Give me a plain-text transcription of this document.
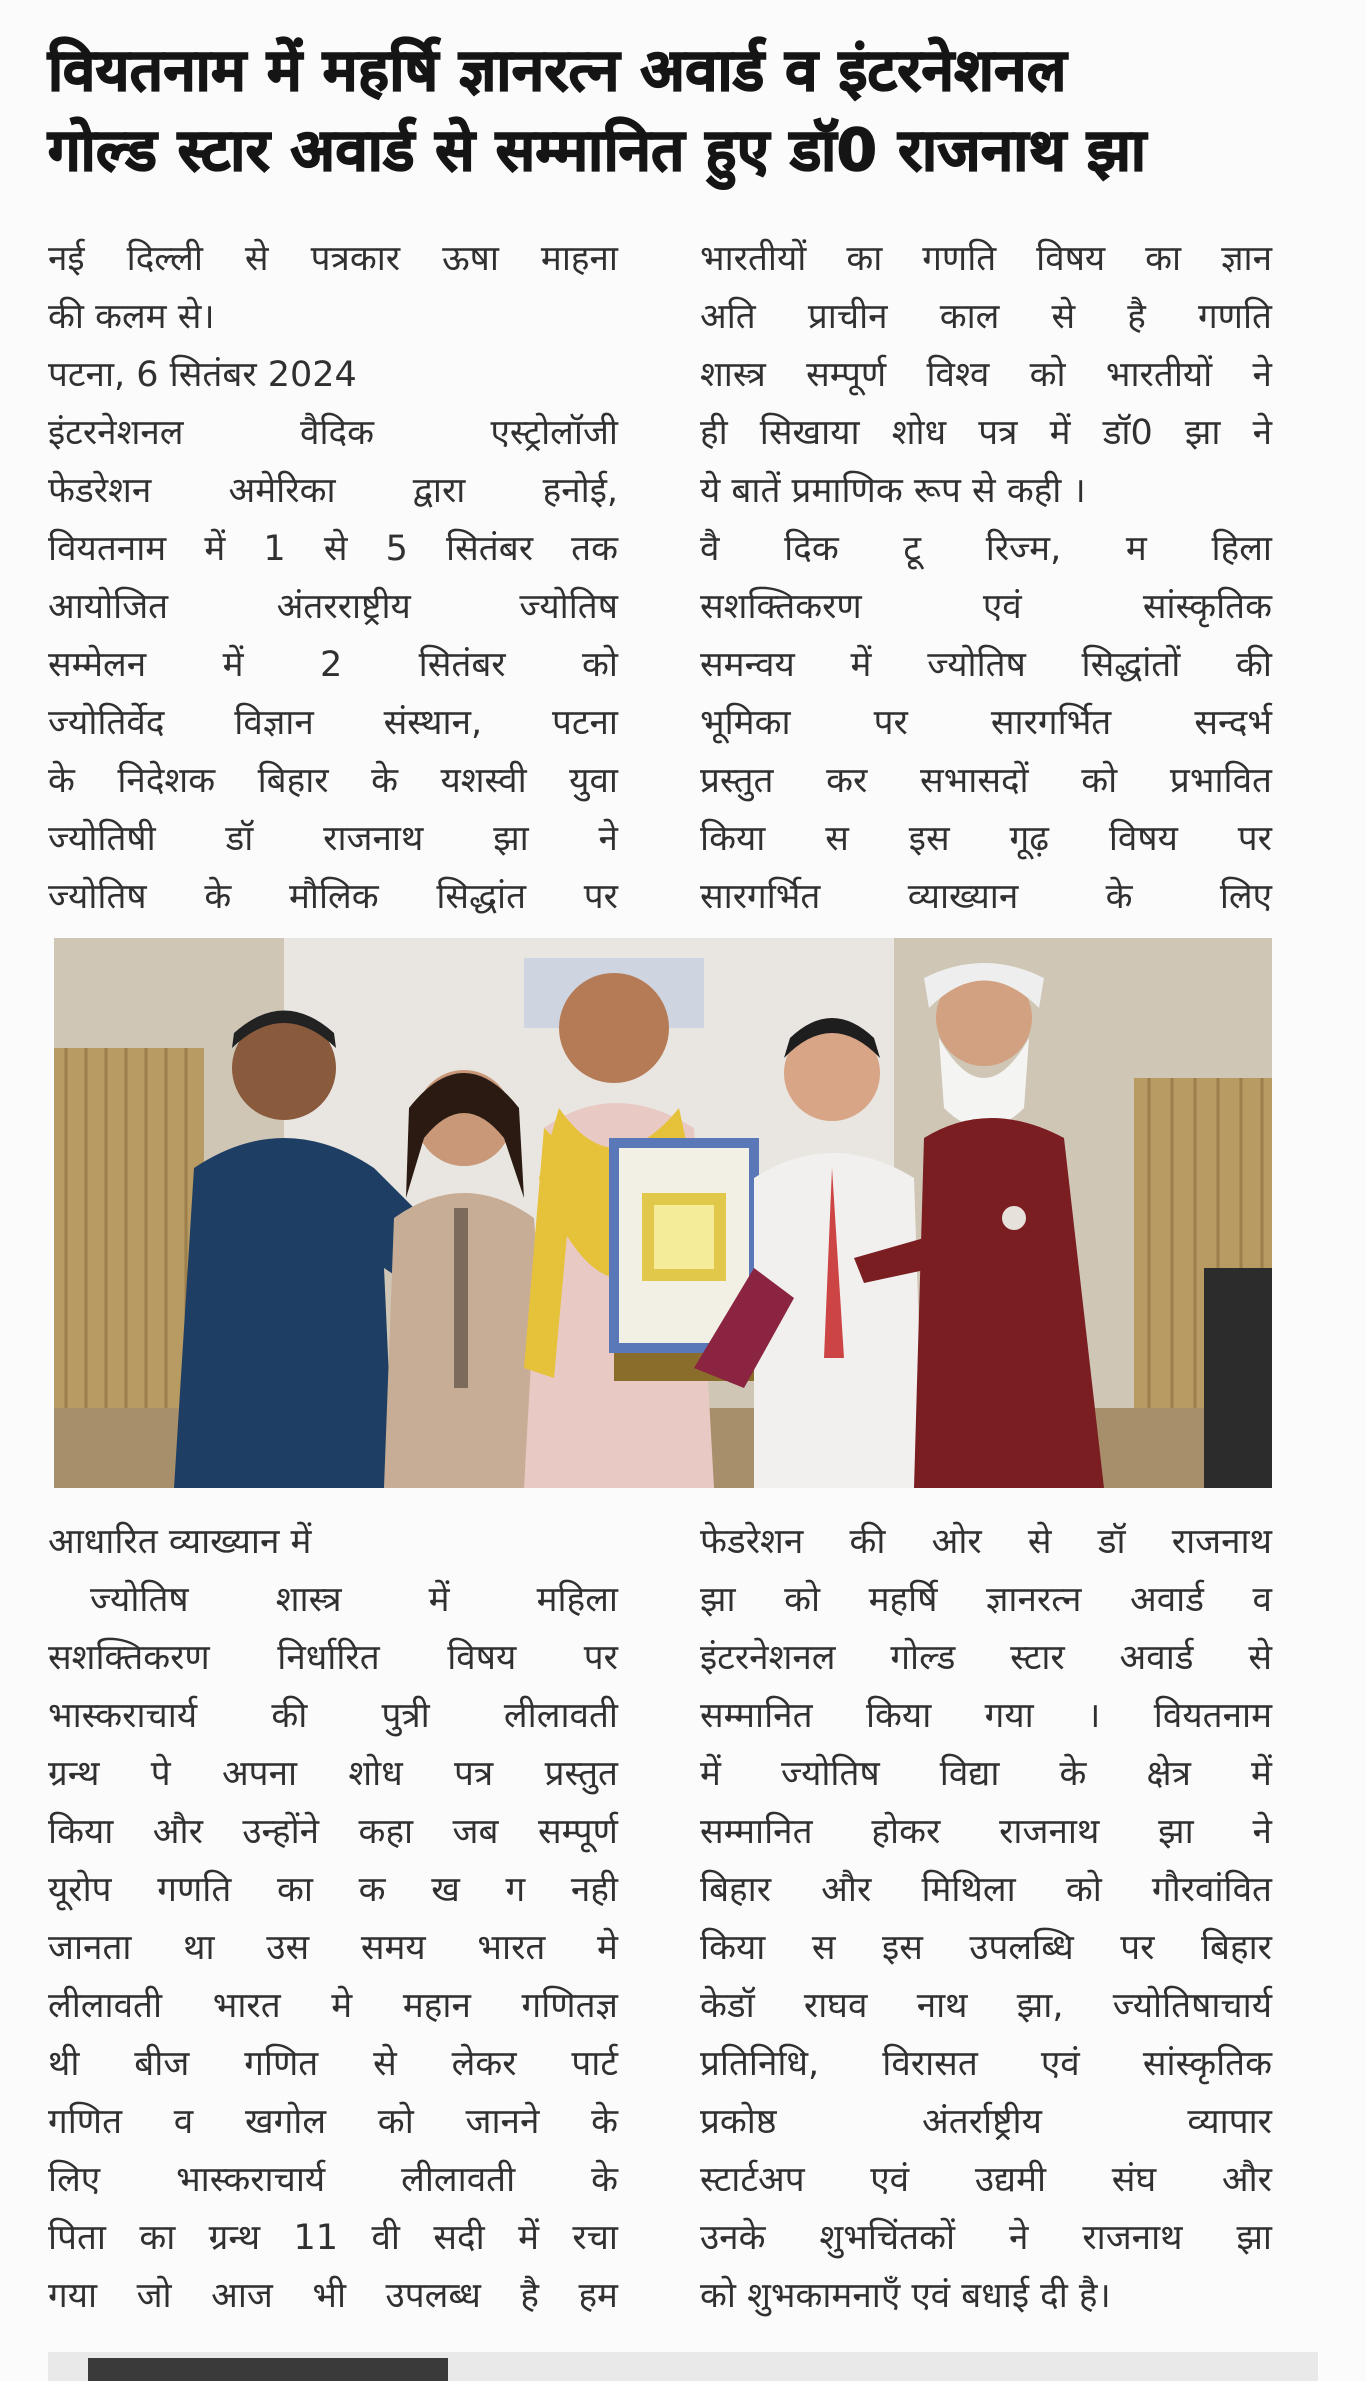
वियतनाम में महर्षि ज्ञानरत्न अवार्ड व इंटरनेशनल
गोल्ड स्टार अवार्ड से सम्मानित हुए डॉ0 राजनाथ झा
नई दिल्ली से पत्रकार ऊषा माहना
की कलम से।
पटना, 6 सितंबर 2024
इंटरनेशनल वैदिक एस्ट्रोलॉजी
फेडरेशन अमेरिका द्वारा हनोई,
वियतनाम में 1 से 5 सितंबर तक
आयोजित अंतरराष्ट्रीय ज्योतिष
सम्मेलन में 2 सितंबर को
ज्योतिर्वेद विज्ञान संस्थान, पटना
के निदेशक बिहार के यशस्वी युवा
ज्योतिषी डॉ राजनाथ झा ने
ज्योतिष के मौलिक सिद्धांत पर
भारतीयों का गणति विषय का ज्ञान
अति प्राचीन काल से है गणति
शास्त्र सम्पूर्ण विश्व को भारतीयों ने
ही सिखाया शोध पत्र में डॉ0 झा ने
ये बातें प्रमाणिक रूप से कही ।
वै दिक टू रिज्म, म हिला
सशक्तिकरण एवं सांस्कृतिक
समन्वय में ज्योतिष सिद्धांतों की
भूमिका पर सारगर्भित सन्दर्भ
प्रस्तुत कर सभासदों को प्रभावित
किया स इस गूढ़ विषय पर
सारगर्भित व्याख्यान के लिए
आधारित व्याख्यान में
ज्योतिष शास्त्र में महिला
सशक्तिकरण निर्धारित विषय पर
भास्कराचार्य की पुत्री लीलावती
ग्रन्थ पे अपना शोध पत्र प्रस्तुत
किया और उन्होंने कहा जब सम्पूर्ण
यूरोप गणति का क ख ग नही
जानता था उस समय भारत मे
लीलावती भारत मे महान गणितज्ञ
थी बीज गणित से लेकर पार्ट
गणित व खगोल को जानने के
लिए भास्कराचार्य लीलावती के
पिता का ग्रन्थ 11 वी सदी में रचा
गया जो आज भी उपलब्ध है हम
फेडरेशन की ओर से डॉ राजनाथ
झा को महर्षि ज्ञानरत्न अवार्ड व
इंटरनेशनल गोल्ड स्टार अवार्ड से
सम्मानित किया गया । वियतनाम
में ज्योतिष विद्या के क्षेत्र में
सम्मानित होकर राजनाथ झा ने
बिहार और मिथिला को गौरवांवित
किया स इस उपलब्धि पर बिहार
केडॉ राघव नाथ झा, ज्योतिषाचार्य
प्रतिनिधि, विरासत एवं सांस्कृतिक
प्रकोष्ठ अंतर्राष्ट्रीय व्यापार
स्टार्टअप एवं उद्यमी संघ और
उनके शुभचिंतकों ने राजनाथ झा
को शुभकामनाएँ एवं बधाई दी है।
